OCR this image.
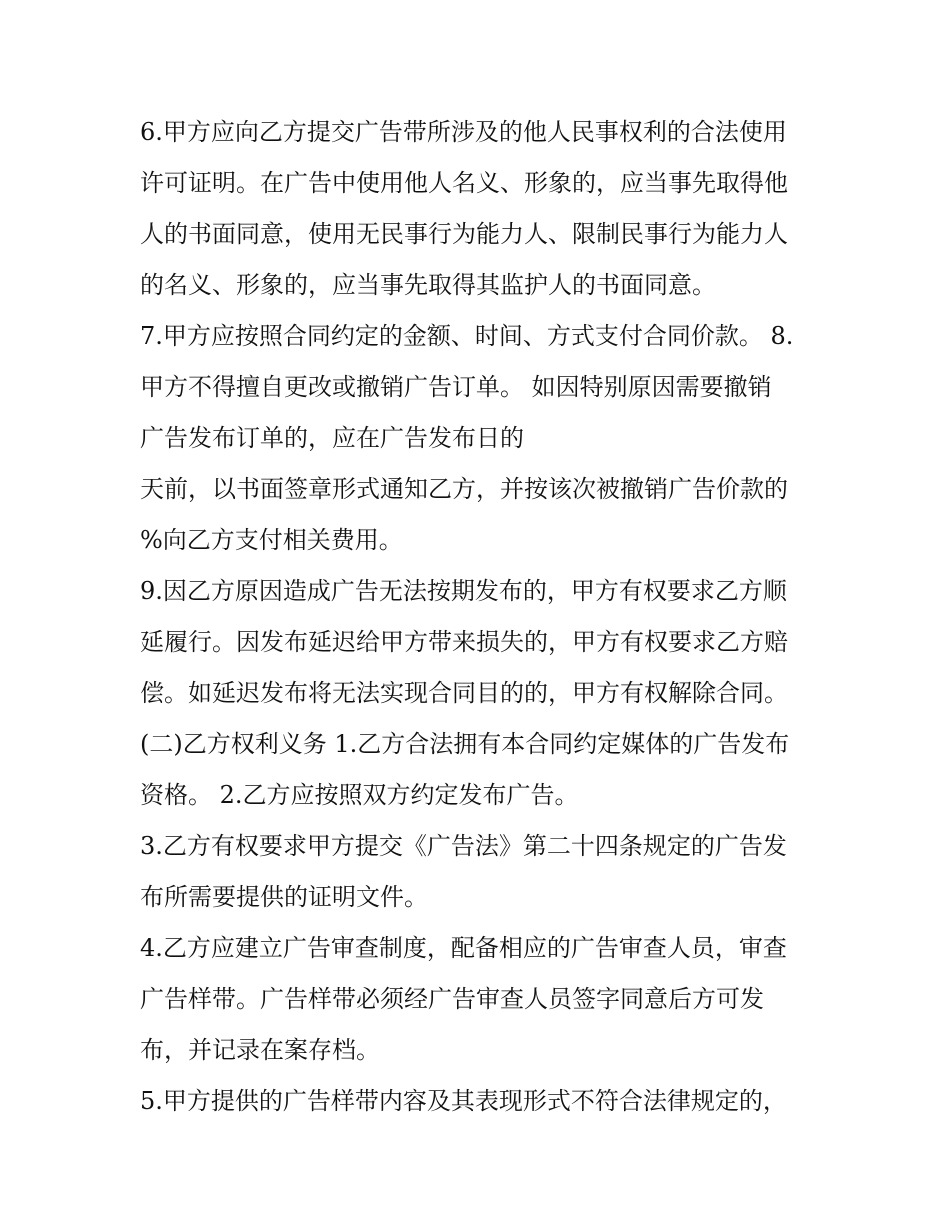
6.甲方应向乙方提交广告带所涉及的他人民事权利的合法使用
许可证明。在广告中使用他人名义、形象的，应当事先取得他
人的书面同意，使用无民事行为能力人、限制民事行为能力人
的名义、形象的，应当事先取得其监护人的书面同意。
7.甲方应按照合同约定的金额、时间、方式支付合同价款。 8.
甲方不得擅自更改或撤销广告订单。 如因特别原因需要撤销
广告发布订单的，应在广告发布日的
天前，以书面签章形式通知乙方，并按该次被撤销广告价款的
%向乙方支付相关费用。
9.因乙方原因造成广告无法按期发布的，甲方有权要求乙方顺
延履行。因发布延迟给甲方带来损失的，甲方有权要求乙方赔
偿。如延迟发布将无法实现合同目的的，甲方有权解除合同。
(二)乙方权利义务 1.乙方合法拥有本合同约定媒体的广告发布
资格。 2.乙方应按照双方约定发布广告。
3.乙方有权要求甲方提交《广告法》第二十四条规定的广告发
布所需要提供的证明文件。
4.乙方应建立广告审查制度，配备相应的广告审查人员，审查
广告样带。广告样带必须经广告审查人员签字同意后方可发
布，并记录在案存档。
5.甲方提供的广告样带内容及其表现形式不符合法律规定的，
